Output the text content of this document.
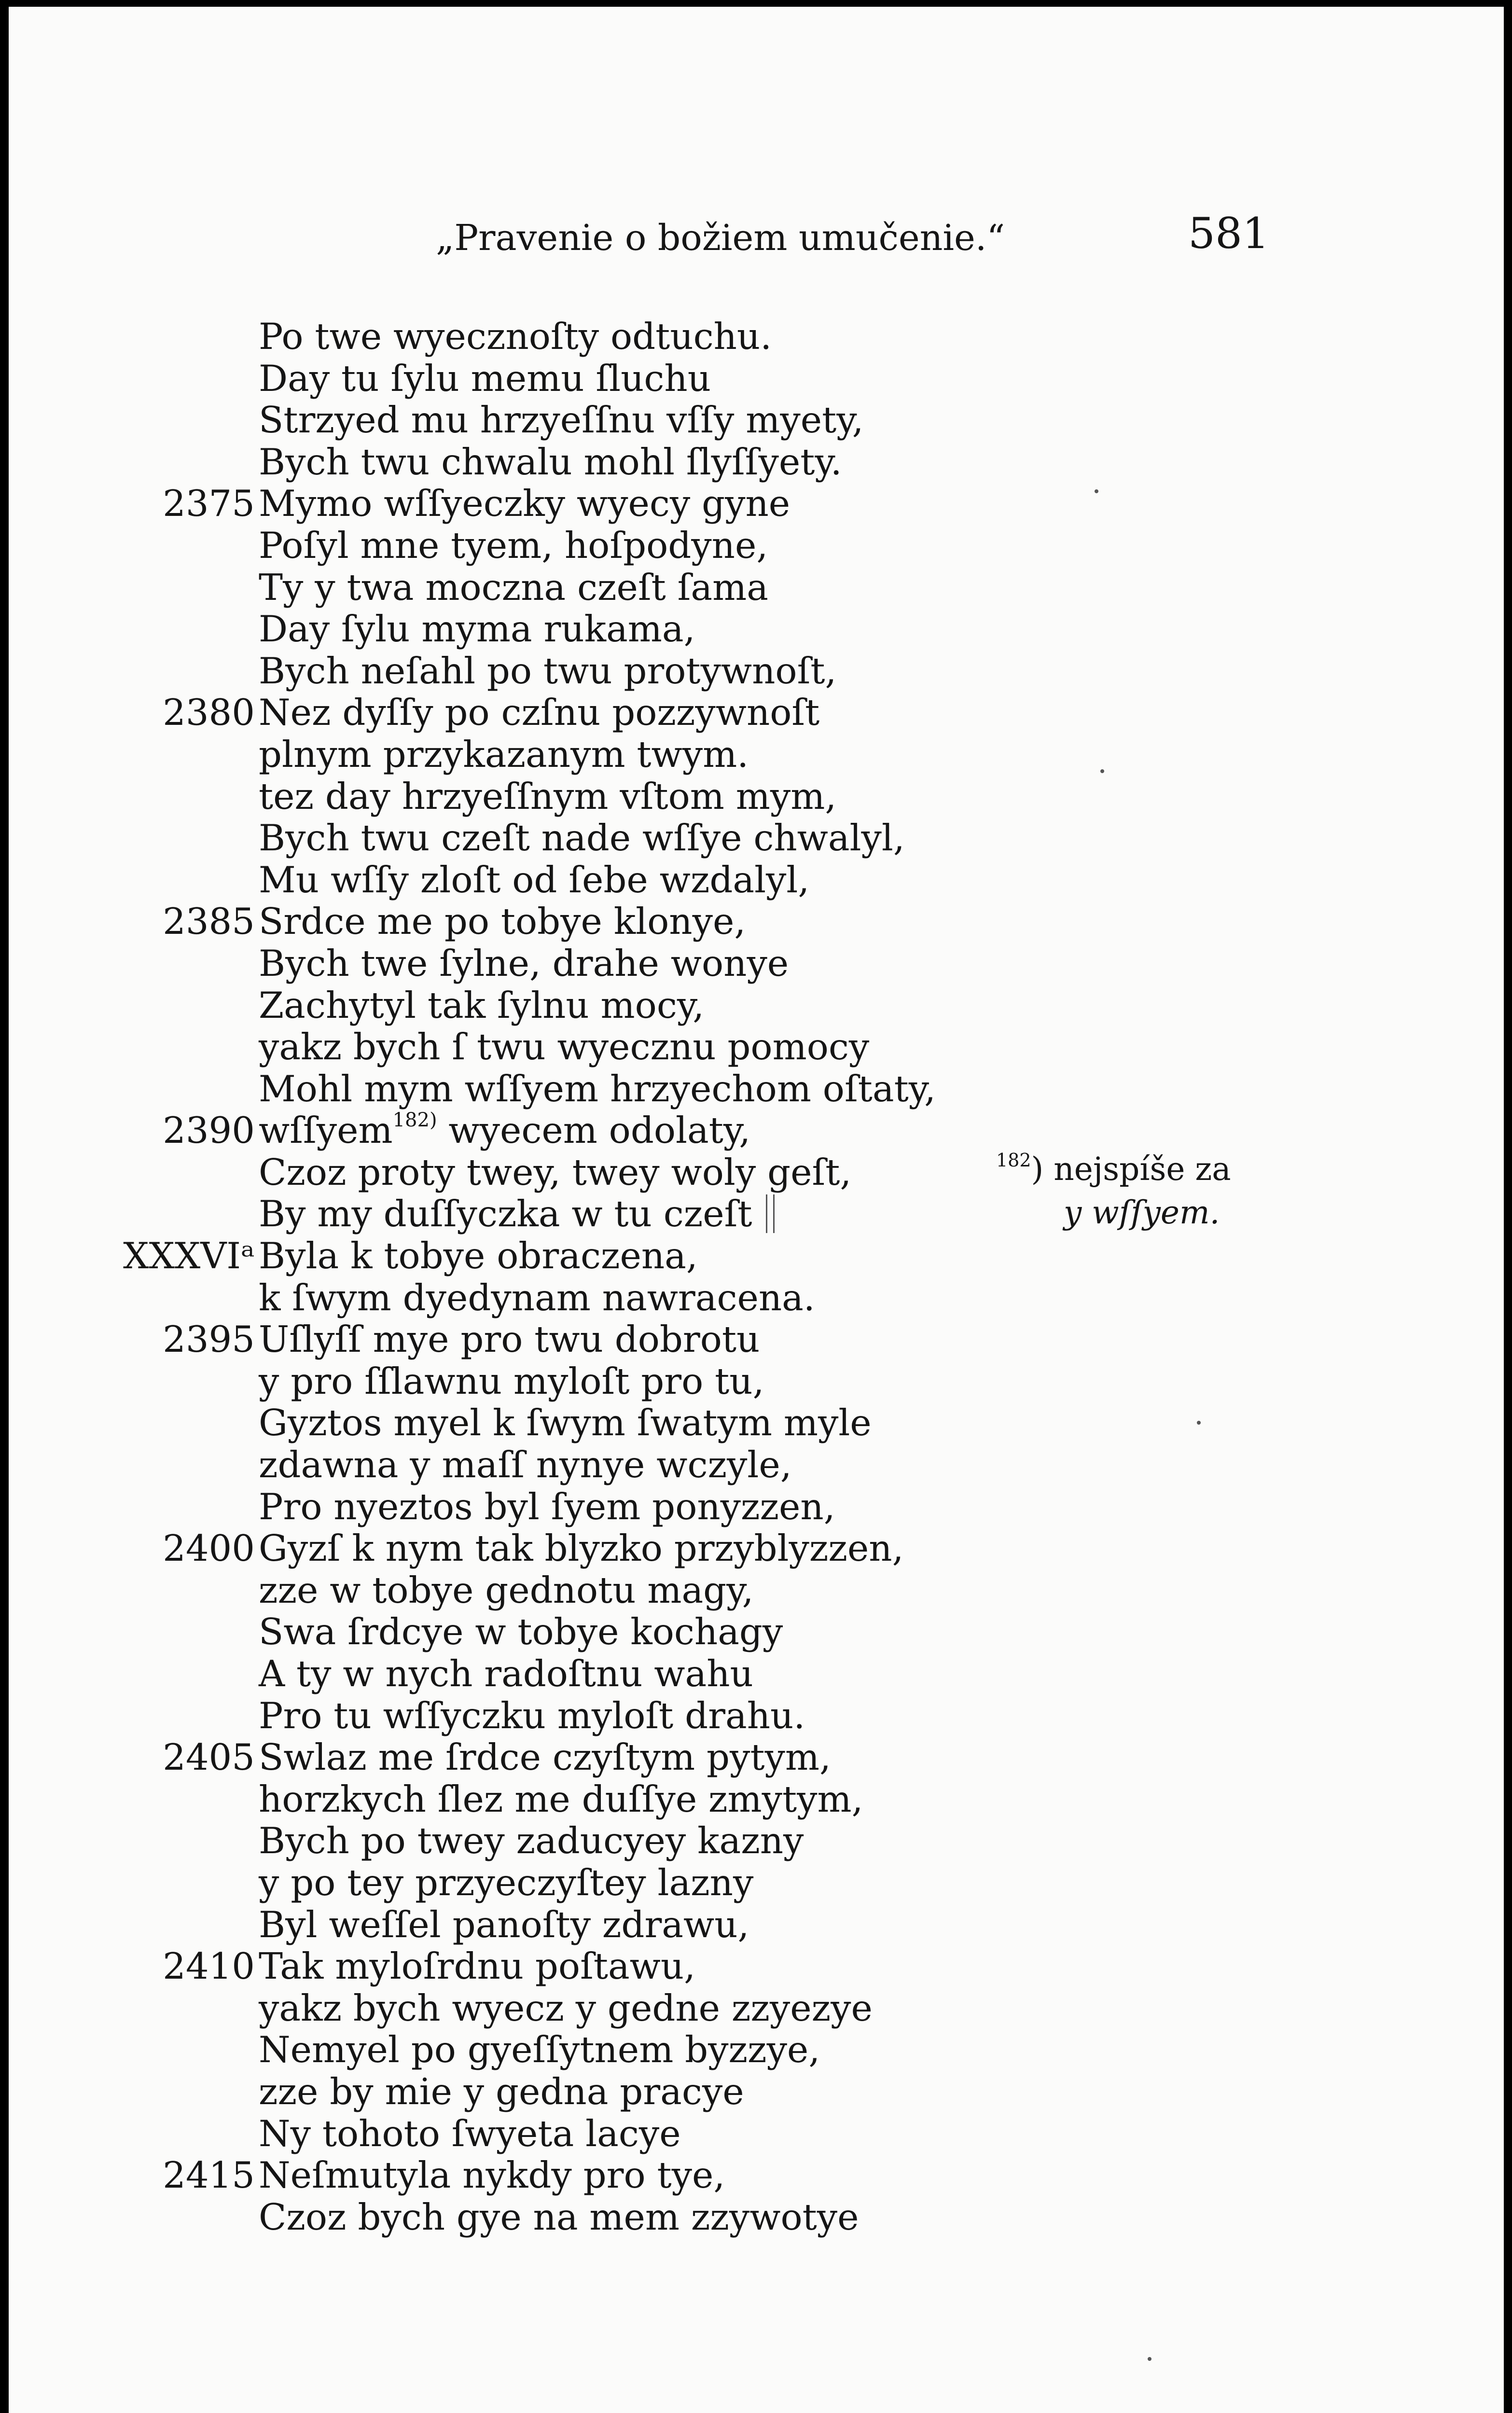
„Pravenie o božiem umučenie.“	581
Po twe wyecznoſty odtuchu.
Day tu ſylu memu ſluchu
Strzyed mu hrzyeſſnu vſſy myety,
Bych twu chwalu mohl ſlyſſyety.
2375 Mymo wſſyeczky wyecy gyne
Poſyl mne tyem, hoſpodyne,
Ty y twa moczna czeſt ſama
Day ſylu myma rukama,
Bych neſahl po twu protywnoſt,
2380 Nez dyſſy po czſnu pozzywnoſt
plnym przykazanym twym.
tez day hrzyeſſnym vſtom mym,
Bych twu czeſt nade wſſye chwalyl,
Mu wſſy zloſt od ſebe wzdalyl,
2385 Srdce me po tobye klonye,
Bych twe ſylne, drahe wonye
Zachytyl tak ſylnu mocy,
yakz bych ſ twu wyecznu pomocy
Mohl mym wſſyem hrzyechom oſtaty,
2390 wſſyem$^{182)}$ wyecem odolaty,
Czoz proty twey, twey woly geſt,
By my duſſyczka w tu czeſt
XXXVIᵃ Byla k tobye obraczena,
k ſwym dyedynam nawracena.
2395 Uſlyſſ mye pro twu dobrotu
y pro ſſlawnu myloſt pro tu,
Gyztos myel k ſwym ſwatym myle
zdawna y maſſ nynye wczyle,
Pro nyeztos byl ſyem ponyzzen,
2400 Gyzſ k nym tak blyzko przyblyzzen,
zze w tobye gednotu magy,
Swa ſrdcye w tobye kochagy
A ty w nych radoſtnu wahu
Pro tu wſſyczku myloſt drahu.
2405 Swlaz me ſrdce czyſtym pytym,
horzkych ſlez me duſſye zmytym,
Bych po twey zaducyey kazny
y po tey przyeczyſtey lazny
Byl weſſel panoſty zdrawu,
2410 Tak myloſrdnu poſtawu,
yakz bych wyecz y gedne zzyezye
Nemyel po gyeſſytnem byzzye,
zze by mie y gedna pracye
Ny tohoto ſwyeta lacye
2415 Neſmutyla nykdy pro tye,
Czoz bych gye na mem zzywotye
$^{182}$) nejspíše za
y wſſyem.
